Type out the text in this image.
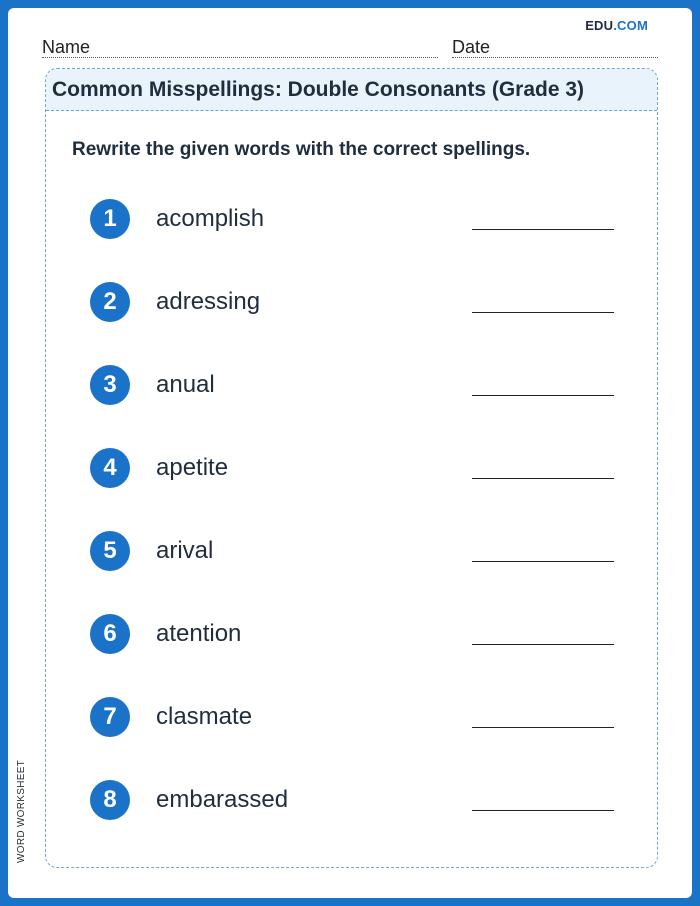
EDU.COM
Name	Date
Common Misspellings: Double Consonants (Grade 3)
Rewrite the given words with the correct spellings.
1	acomplish
2	adressing
3	anual
4	apetite
5	arival
6	atention
7	clasmate
8	embarassed
WORD WORKSHEET
